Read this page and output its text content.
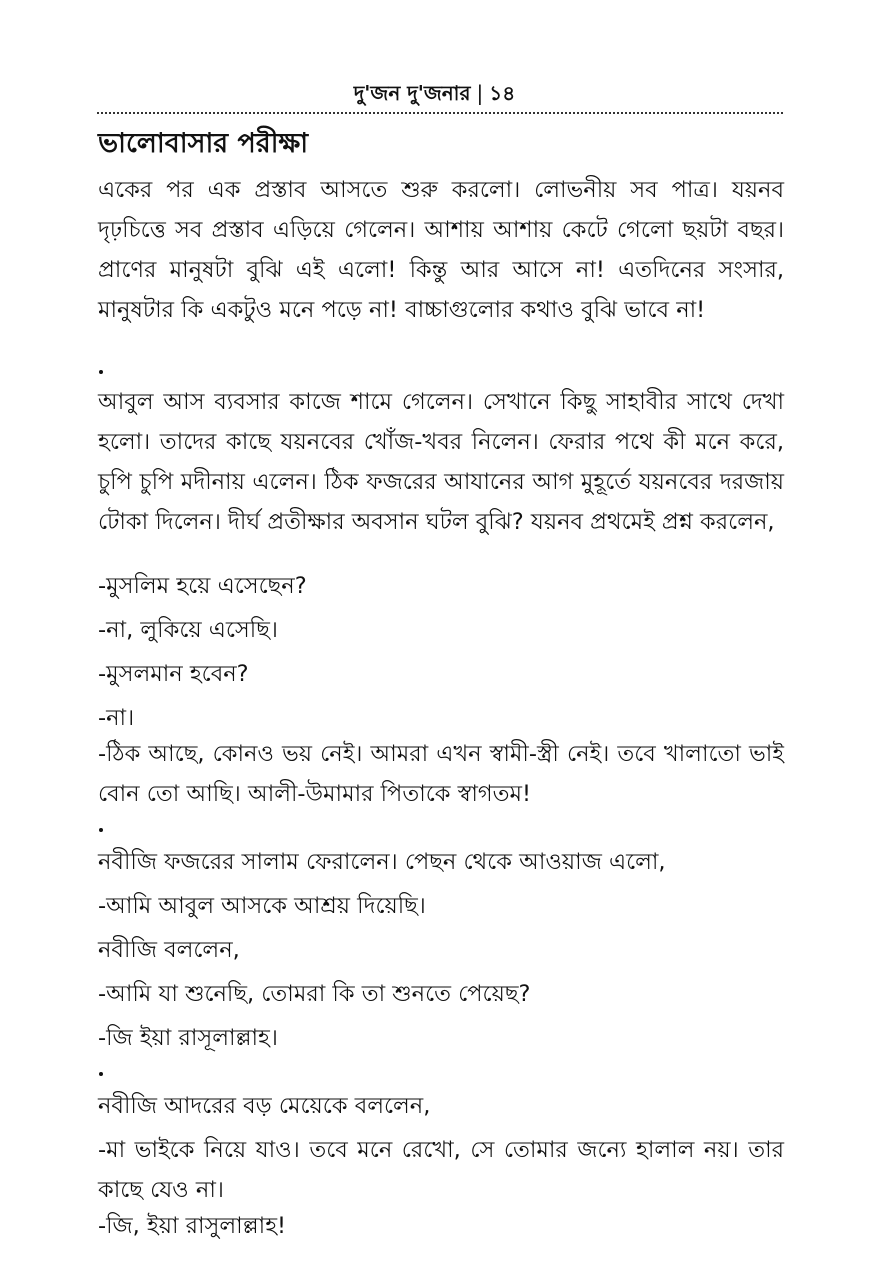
দু'জন দু'জনার | ১৪
ভালোবাসার পরীক্ষা
একের পর এক প্রস্তাব আসতে শুরু করলো। লোভনীয় সব পাত্র। যয়নব দৃঢ়চিত্তে সব প্রস্তাব এড়িয়ে গেলেন। আশায় আশায় কেটে গেলো ছয়টা বছর। প্রাণের মানুষটা বুঝি এই এলো! কিন্তু আর আসে না! এতদিনের সংসার, মানুষটার কি একটুও মনে পড়ে না! বাচ্চাগুলোর কথাও বুঝি ভাবে না!
আবুল আস ব্যবসার কাজে শামে গেলেন। সেখানে কিছু সাহাবীর সাথে দেখা হলো। তাদের কাছে যয়নবের খোঁজ-খবর নিলেন। ফেরার পথে কী মনে করে, চুপি চুপি মদীনায় এলেন। ঠিক ফজরের আযানের আগ মুহূর্তে যয়নবের দরজায় টোকা দিলেন। দীর্ঘ প্রতীক্ষার অবসান ঘটল বুঝি? যয়নব প্রথমেই প্রশ্ন করলেন,
-মুসলিম হয়ে এসেছেন?
-না, লুকিয়ে এসেছি।
-মুসলমান হবেন?
-না।
-ঠিক আছে, কোনও ভয় নেই। আমরা এখন স্বামী-স্ত্রী নেই। তবে খালাতো ভাই বোন তো আছি। আলী-উমামার পিতাকে স্বাগতম!
নবীজি ফজরের সালাম ফেরালেন। পেছন থেকে আওয়াজ এলো,
-আমি আবুল আসকে আশ্রয় দিয়েছি।
নবীজি বললেন,
-আমি যা শুনেছি, তোমরা কি তা শুনতে পেয়েছ?
-জি ইয়া রাসূলাল্লাহ।
নবীজি আদরের বড় মেয়েকে বললেন,
-মা ভাইকে নিয়ে যাও। তবে মনে রেখো, সে তোমার জন্যে হালাল নয়। তার কাছে যেও না।
-জি, ইয়া রাসুলাল্লাহ!
